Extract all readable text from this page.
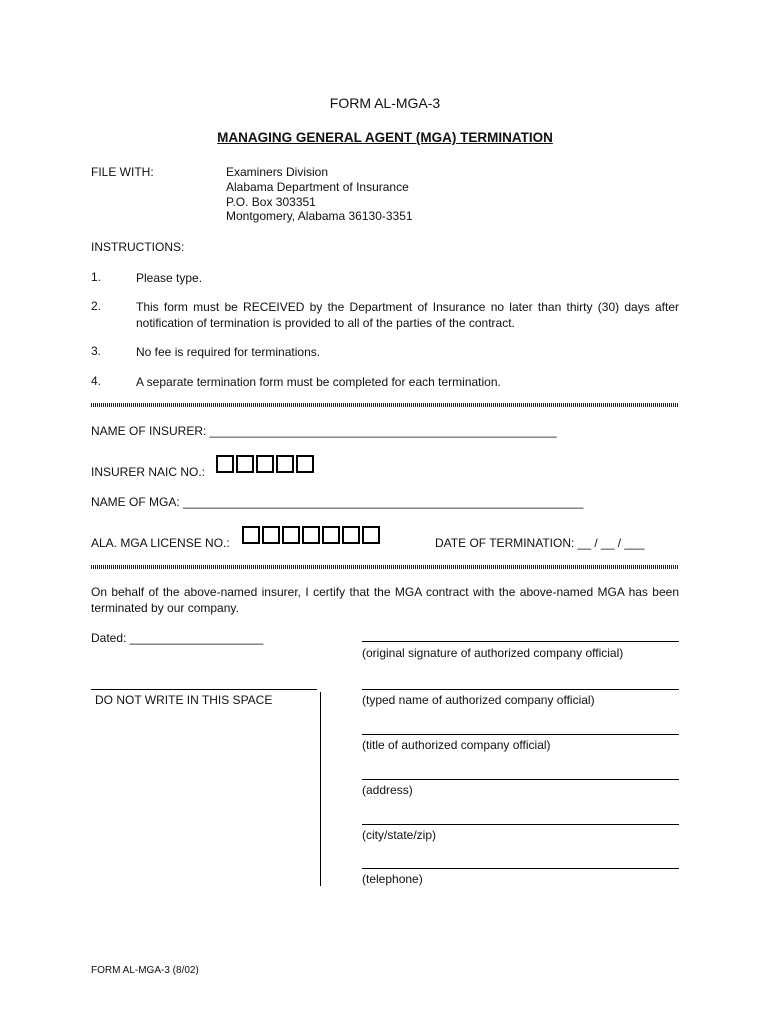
FORM AL-MGA-3
MANAGING GENERAL AGENT (MGA) TERMINATION
FILE WITH:	Examiners Division
Alabama Department of Insurance
P.O. Box 303351
Montgomery, Alabama 36130-3351
INSTRUCTIONS:
1.	Please type.
2.	This form must be RECEIVED by the Department of Insurance no later than thirty (30) days after notification of termination is provided to all of the parties of the contract.
3.	No fee is required for terminations.
4.	A separate termination form must be completed for each termination.
NAME OF INSURER: ____________________________________________________
INSURER NAIC NO.:
NAME OF MGA: ____________________________________________________________
ALA. MGA LICENSE NO.:	DATE OF TERMINATION: __ / __ / ___
On behalf of the above-named insurer, I certify that the MGA contract with the above-named MGA has been terminated by our company.
Dated: ____________________
(original signature of authorized company official)
DO NOT WRITE IN THIS SPACE	(typed name of authorized company official)
(title of authorized company official)
(address)
(city/state/zip)
(telephone)
FORM AL-MGA-3 (8/02)
